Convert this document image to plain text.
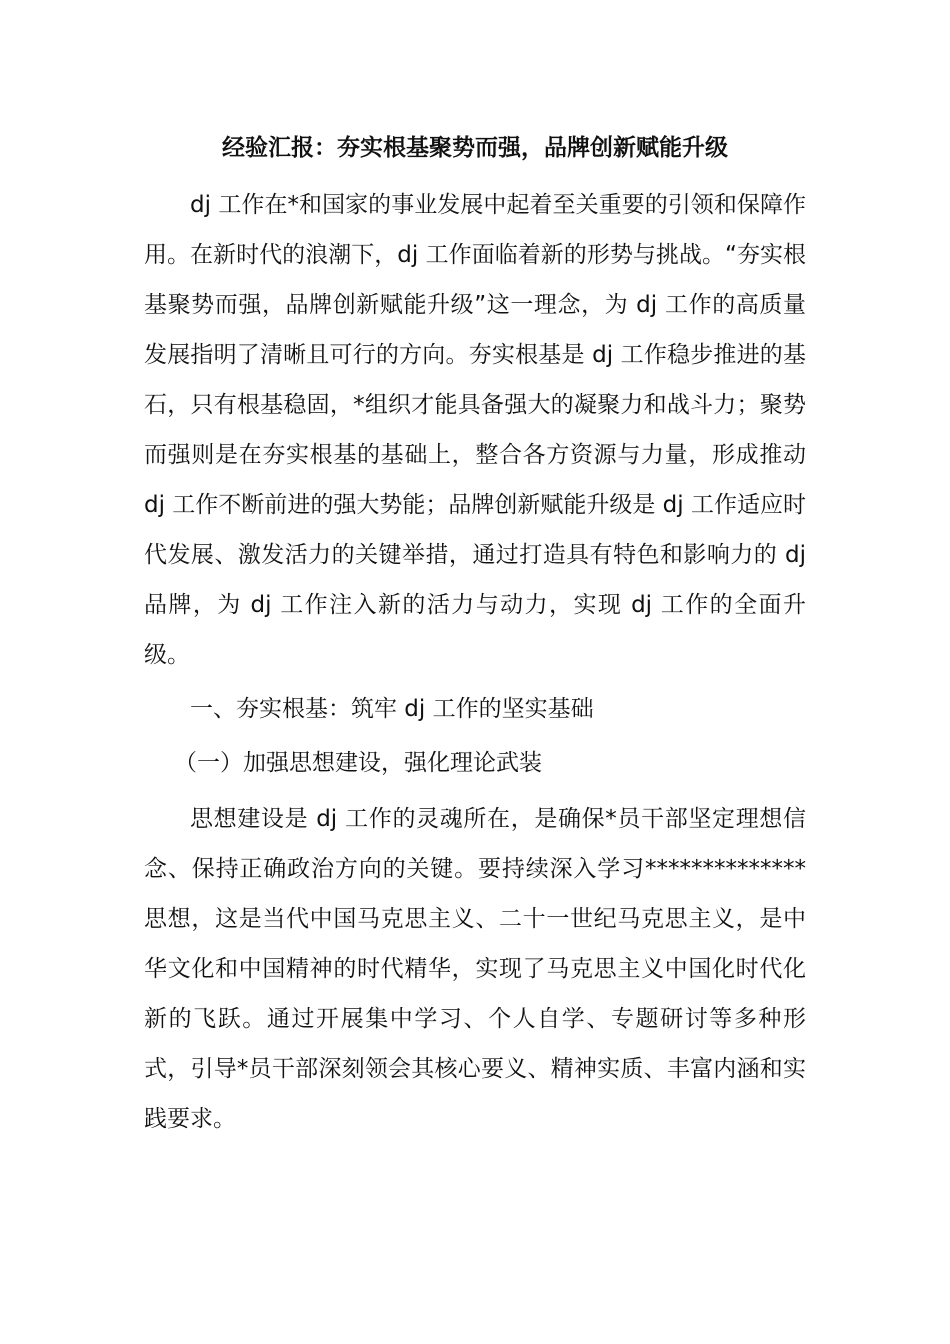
经验汇报：夯实根基聚势而强，品牌创新赋能升级

dj 工作在*和国家的事业发展中起着至关重要的引领和保障作用。在新时代的浪潮下，dj 工作面临着新的形势与挑战。“夯实根基聚势而强，品牌创新赋能升级”这一理念，为 dj 工作的高质量发展指明了清晰且可行的方向。夯实根基是 dj 工作稳步推进的基石，只有根基稳固，*组织才能具备强大的凝聚力和战斗力；聚势而强则是在夯实根基的基础上，整合各方资源与力量，形成推动 dj 工作不断前进的强大势能；品牌创新赋能升级是 dj 工作适应时代发展、激发活力的关键举措，通过打造具有特色和影响力的 dj 品牌，为 dj 工作注入新的活力与动力，实现 dj 工作的全面升级。

一、夯实根基：筑牢 dj 工作的坚实基础

（一）加强思想建设，强化理论武装

思想建设是 dj 工作的灵魂所在，是确保*员干部坚定理想信念、保持正确政治方向的关键。要持续深入学习**************思想，这是当代中国马克思主义、二十一世纪马克思主义，是中华文化和中国精神的时代精华，实现了马克思主义中国化时代化新的飞跃。通过开展集中学习、个人自学、专题研讨等多种形式，引导*员干部深刻领会其核心要义、精神实质、丰富内涵和实践要求。
